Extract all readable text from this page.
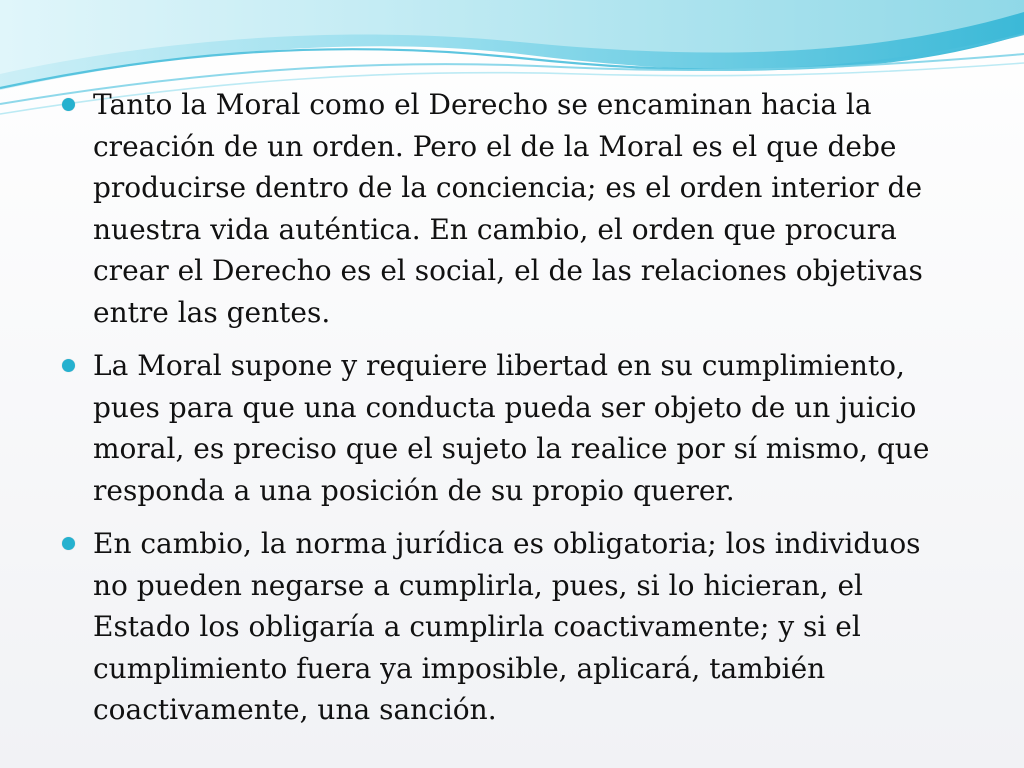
Tanto la Moral como el Derecho se encaminan hacia la creación de un orden. Pero el de la Moral es el que debe producirse dentro de la conciencia; es el orden interior de nuestra vida auténtica. En cambio, el orden que procura crear el Derecho es el social, el de las relaciones objetivas entre las gentes.
La Moral supone y requiere libertad en su cumplimiento, pues para que una conducta pueda ser objeto de un juicio moral, es preciso que el sujeto la realice por sí mismo, que responda a una posición de su propio querer.
En cambio, la norma jurídica es obligatoria; los individuos no pueden negarse a cumplirla, pues, si lo hicieran, el Estado los obligaría a cumplirla coactivamente; y si el cumplimiento fuera ya imposible, aplicará, también coactivamente, una sanción.
